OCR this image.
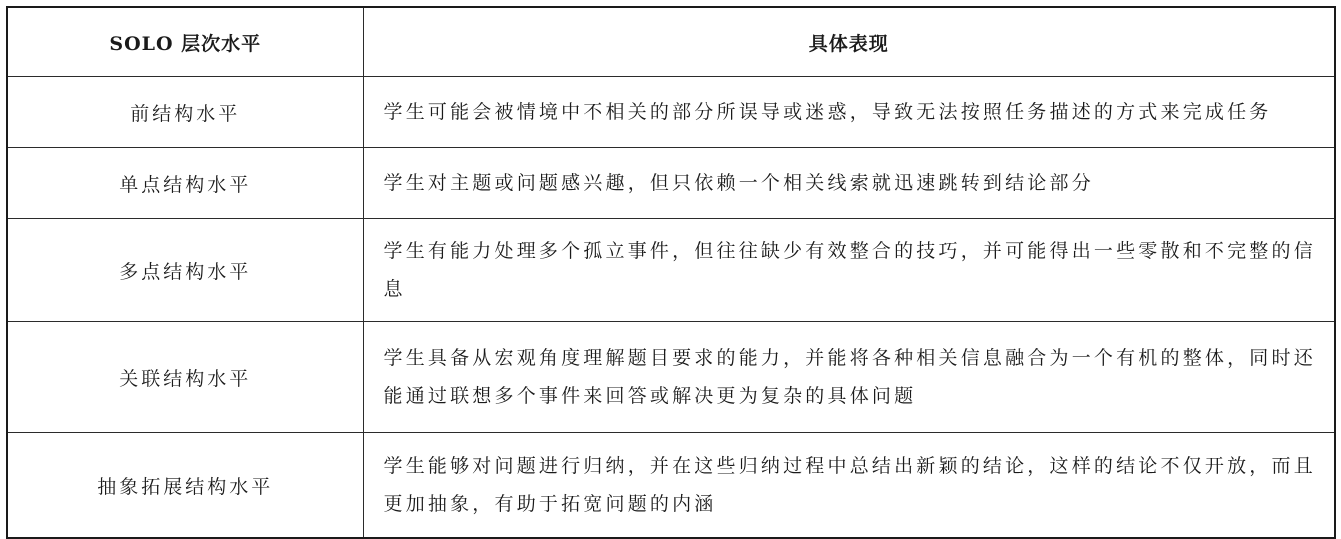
SOLO 层次水平	具体表现
前结构水平	学生可能会被情境中不相关的部分所误导或迷惑，导致无法按照任务描述的方式来完成任务
单点结构水平	学生对主题或问题感兴趣，但只依赖一个相关线索就迅速跳转到结论部分
多点结构水平	学生有能力处理多个孤立事件，但往往缺少有效整合的技巧，并可能得出一些零散和不完整的信息
关联结构水平	学生具备从宏观角度理解题目要求的能力，并能将各种相关信息融合为一个有机的整体，同时还能通过联想多个事件来回答或解决更为复杂的具体问题
抽象拓展结构水平	学生能够对问题进行归纳，并在这些归纳过程中总结出新颖的结论，这样的结论不仅开放，而且更加抽象，有助于拓宽问题的内涵
